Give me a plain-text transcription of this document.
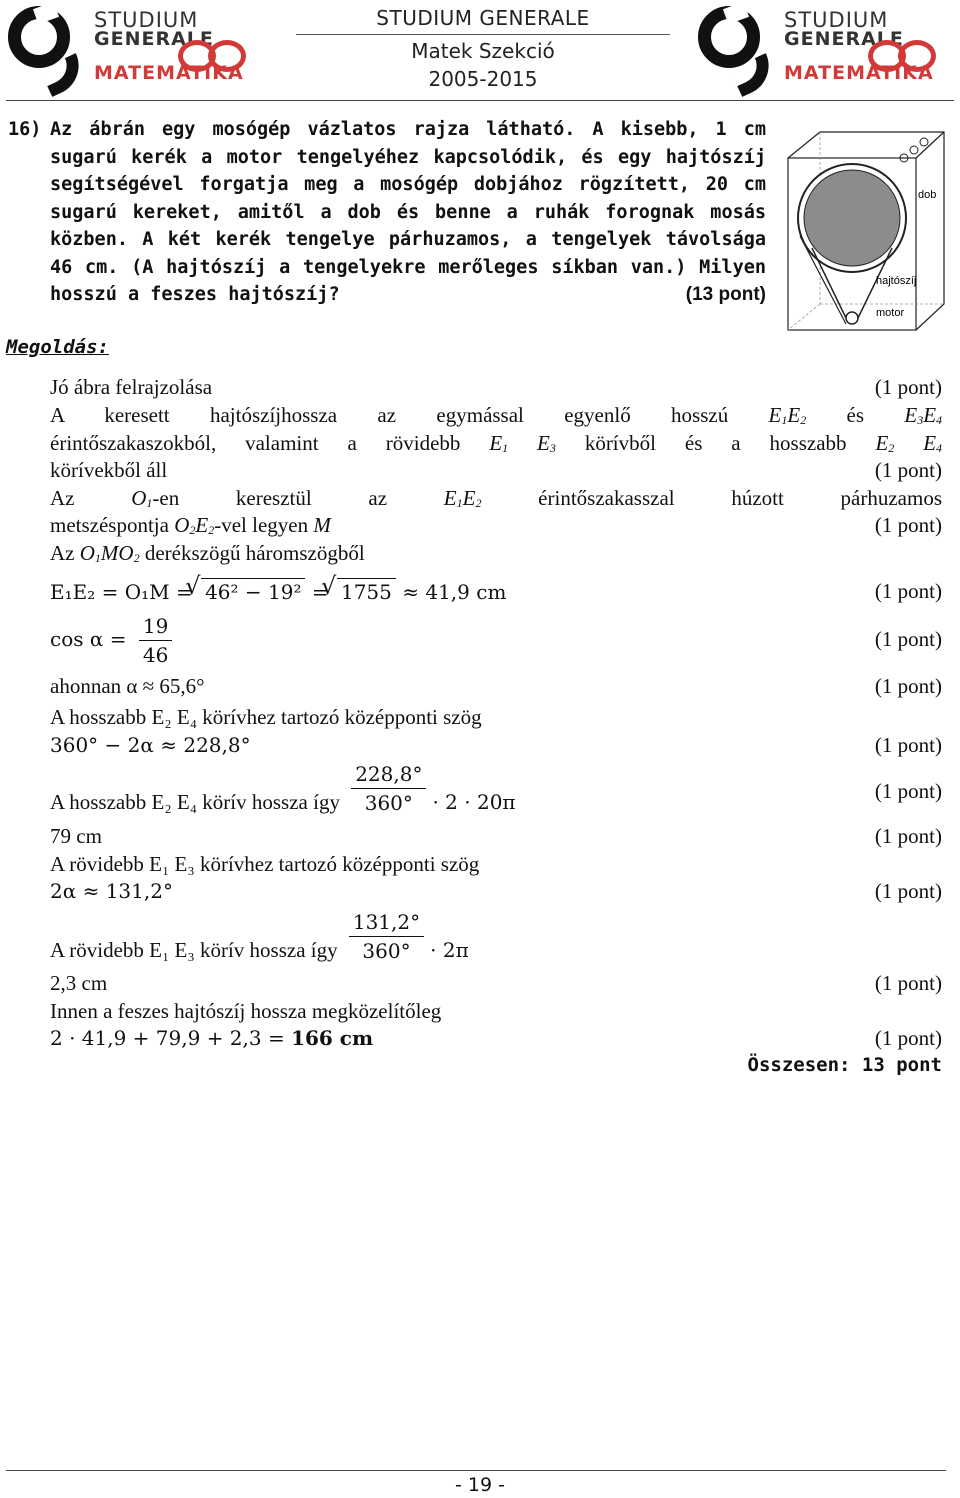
STUDIUM
GENERALE
MATEMATIKA
STUDIUM GENERALE
Matek Szekció
2005-2015
STUDIUM
GENERALE
MATEMATIKA
16) Az ábrán egy mosógép vázlatos rajza látható. A kisebb, 1 cm sugarú kerék a motor tengelyéhez kapcsolódik, és egy hajtószíj segítségével forgatja meg a mosógép dobjához rögzített, 20 cm sugarú kereket, amitől a dob és benne a ruhák forognak mosás közben. A két kerék tengelye párhuzamos, a tengelyek távolsága 46 cm. (A hajtószíj a tengelyekre merőleges síkban van.) Milyen hosszú a feszes hajtószíj?	(13 pont)
Megoldás:
dob
hajtószíj
motor
Jó ábra felrajzolása	(1 pont)
A keresett hajtószíjhossza az egymással egyenlő hosszú $E_1E_2$ és $E_3E_4$
érintőszakaszokból, valamint a rövidebb $E_1$ $E_3$ körívből és a hosszabb $E_2$ $E_4$
körívekből áll	(1 pont)
Az	$O_1-en$ keresztül az	$E_1E_2$	érintőszakasszal húzott párhuzamos
metszéspontja $O_2E_2$-vel legyen M	(1 pont)
Az $O_1MO_2$ derékszögű háromszögből
E₁E₂ = O₁M = √ 46² − 19² = √ 1755 ≈ 41,9 cm	(1 pont)
$\cos \alpha = \frac{19}{46}$	(1 pont)
ahonnan α ≈ 65,6°	(1 pont)
A hosszabb E₂ E₄ körívhez tartozó középponti szög
360° − 2α ≈ 228,8°	(1 pont)
A hosszabb E₂ E₄ körív hossza így $\frac{228,8^\circ}{360^\circ} \cdot 2 \cdot 20\pi$	(1 pont)
79 cm	(1 pont)
A rövidebb E₁ E₃ körívhez tartozó középponti szög
2α ≈ 131,2°	(1 pont)
A rövidebb E₁ E₃ körív hossza így $\frac{131,2^\circ}{360^\circ} \cdot 2\pi$
2,3 cm	(1 pont)
Innen a feszes hajtószíj hossza megközelítőleg
2 · 41,9 + 79,9 + 2,3 = 166 cm	(1 pont)
Összesen: 13 pont
- 19 -
